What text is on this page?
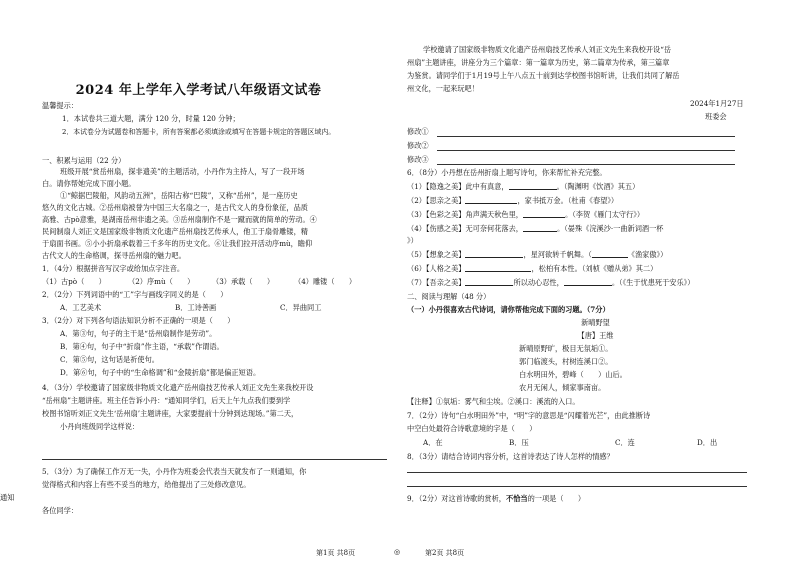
2024 年上学年入学考试八年级语文试卷
温馨提示：
1．本试卷共三道大题，满分 120 分，时量 120 分钟；
2．本试卷分为试题卷和答题卡，所有答案都必须填涂或填写在答题卡规定的答题区域内。
一、积累与运用（22 分）
班级开展“赏岳州扇，探非遗美”的主题活动，小丹作为主持人，写了一段开场
白。请你帮她完成下面小题。
①“鲸据巴陵船，风韵动五洲”，岳阳古称“巴陵”，又称“岳州”，是一座历史
悠久的文化古城。②岳州扇被誉为中国三大名扇之一，是古代文人的身份象征，品质
高雅、古pò意雅，是湖南岳州非遗之美。③岳州扇制作不是一蹴而就的简单的劳动。④
民间制扇人刘正文是国家级非物质文化遗产岳州扇技艺传承人，他工于扇骨雕镂，精
于扇面书画。⑤小小折扇承载着三千多年的历史文化。⑥让我们拉开活动序mù，瞻仰
古代文人的生命格调，探寻岳州扇的魅力吧。
1．（4分）根据拼音写汉字或给加点字注音。
（1）古pò（　　）	（2）序mù（　　） （3）承载（　　）	（4）雕镂（　　）
2．（2分）下列词语中的“工”字与画线字同义的是（　　）
A．工艺美术	B．工诗善画	C．异曲同工
3．（2分）对下列各句语法知识分析不正确的一项是（　　）
A．第③句，句子的主干是“岳州扇制作是劳动”。
B．第④句，句子中“折扇”作主语，“承载”作谓语。
C．第⑤句，这句话是祈使句。
D．第⑥句，句子中的“生命格调”和“金陵折扇”都是偏正短语。
4．（3分）学校邀请了国家级非物质文化遗产岳州扇技艺传承人刘正文先生来我校开设
“岳州扇”主题讲座。班主任告诉小丹：“通知同学们，后天上午九点我们要到学
校图书馆听刘正文先生‘岳州扇’主题讲座，大家要提前十分钟到达现场。”第二天，
小丹向班级同学这样说：
5．（3分）为了确保工作万无一失，小丹作为班委会代表当天就发布了一则通知，你
觉得格式和内容上有些不妥当的地方，给他提出了三处修改意见。
通知
各位同学：
第1页 共8页	◎
学校邀请了国家级非物质文化遗产岳州扇技艺传承人刘正文先生来我校开设“岳
州扇”主题讲座，讲座分为三个篇章：第一篇章为历史，第二篇章为传承，第三篇章
为鉴赏。请同学们于1月19号上午八点五十前到达学校图书馆听讲，让我们共同了解岳
州文化，一起来玩吧！
2024年1月27日
班委会
修改①
修改②
修改③
6．（8分）小丹想在岳州折扇上题写诗句，你来帮忙补充完整。
（1）【隐逸之美】此中有真意，	。（陶渊明《饮酒》其五）
（2）【思亲之美】	，家书抵万金。（杜甫《春望》）
（3）【色彩之美】角声满天秋色里，	。（李贺《雁门太守行》）
（4）【伤感之美】无可奈何花落去，	。（晏殊《浣溪沙·一曲新词酒一杯
》）
（5）【想象之美】	，星河欲转千帆舞。（	《渔家傲》）
（6）【人格之美】	，松柏有本性。（刘桢《赠从弟》其二）
（7）【吾亲之美】	所以动心忍性，	。（《生于忧患死于安乐》）
二、阅读与理解（48 分）
（一）小丹很喜欢古代诗词，请你帮他完成下面的习题。（7分）
新晴野望
【唐】王维
新晴原野旷，极目无氛垢①。
郭门临渡头，村树连溪口②。
白水明田外，碧峰（　　）山后。
农月无闲人，倾家事南亩。
【注释】①氛垢：雾气和尘埃。②溪口：溪流的入口。
7．（2分）诗句“白水明田外”中，“明”字的意思是“闪耀着光芒”，由此推断诗
中空白处最符合诗歌意境的字是（　　）
A．在	B．压	C．连	D．出
8．（3分）请结合诗词内容分析，这首诗表达了诗人怎样的情感？
9．（2分）对这首诗歌的赏析，不恰当的一项是（　　）
第2页 共8页
